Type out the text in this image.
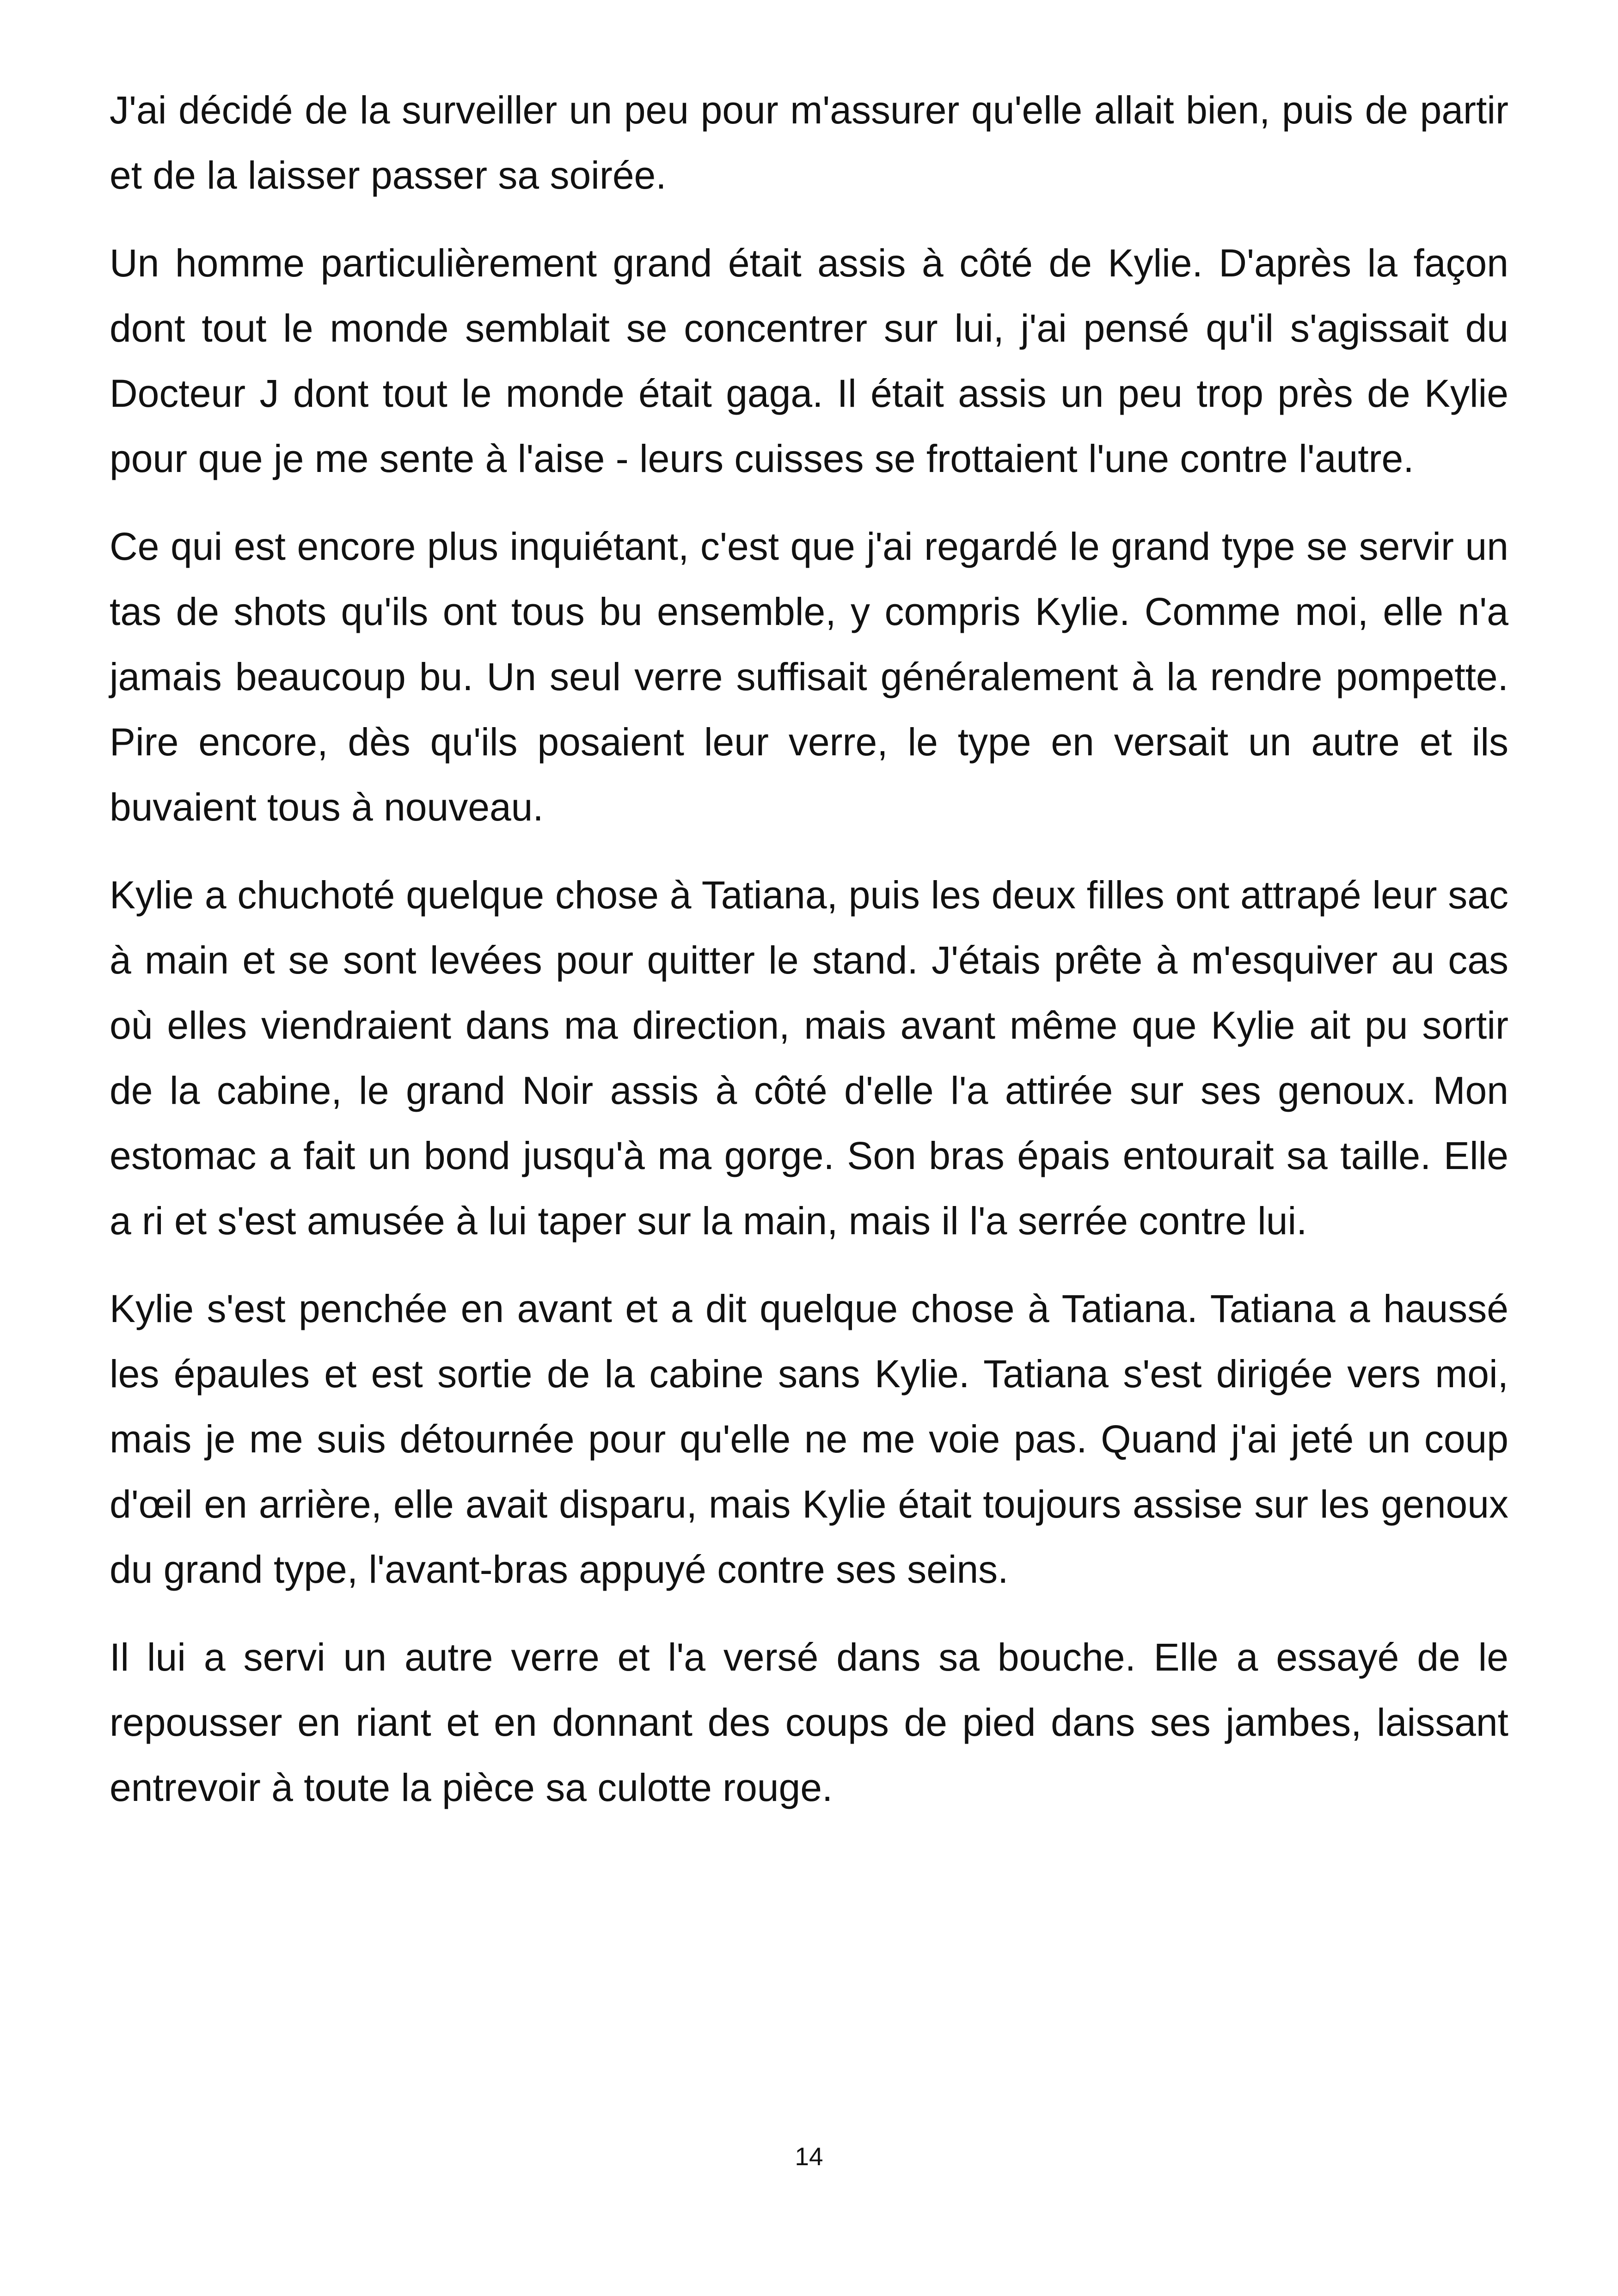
J'ai décidé de la surveiller un peu pour m'assurer qu'elle allait bien, puis de partir et de la laisser passer sa soirée.

Un homme particulièrement grand était assis à côté de Kylie. D'après la façon dont tout le monde semblait se concentrer sur lui, j'ai pensé qu'il s'agissait du Docteur J dont tout le monde était gaga. Il était assis un peu trop près de Kylie pour que je me sente à l'aise - leurs cuisses se frottaient l'une contre l'autre.

Ce qui est encore plus inquiétant, c'est que j'ai regardé le grand type se servir un tas de shots qu'ils ont tous bu ensemble, y compris Kylie. Comme moi, elle n'a jamais beaucoup bu. Un seul verre suffisait généralement à la rendre pompette. Pire encore, dès qu'ils posaient leur verre, le type en versait un autre et ils buvaient tous à nouveau.

Kylie a chuchoté quelque chose à Tatiana, puis les deux filles ont attrapé leur sac à main et se sont levées pour quitter le stand. J'étais prête à m'esquiver au cas où elles viendraient dans ma direction, mais avant même que Kylie ait pu sortir de la cabine, le grand Noir assis à côté d'elle l'a attirée sur ses genoux. Mon estomac a fait un bond jusqu'à ma gorge. Son bras épais entourait sa taille. Elle a ri et s'est amusée à lui taper sur la main, mais il l'a serrée contre lui.

Kylie s'est penchée en avant et a dit quelque chose à Tatiana. Tatiana a haussé les épaules et est sortie de la cabine sans Kylie. Tatiana s'est dirigée vers moi, mais je me suis détournée pour qu'elle ne me voie pas. Quand j'ai jeté un coup d'œil en arrière, elle avait disparu, mais Kylie était toujours assise sur les genoux du grand type, l'avant-bras appuyé contre ses seins.

Il lui a servi un autre verre et l'a versé dans sa bouche. Elle a essayé de le repousser en riant et en donnant des coups de pied dans ses jambes, laissant entrevoir à toute la pièce sa culotte rouge.

14
